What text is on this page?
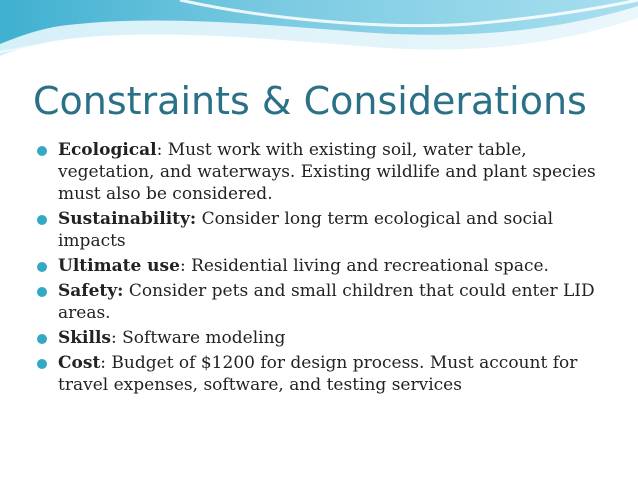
Constraints & Considerations
Ecological: Must work with existing soil, water table, vegetation, and waterways. Existing wildlife and plant species must also be considered.
Sustainability: Consider long term ecological and social impacts
Ultimate use: Residential living and recreational space.
Safety: Consider pets and small children that could enter LID areas.
Skills: Software modeling
Cost: Budget of $1200 for design process. Must account for travel expenses, software, and testing services
